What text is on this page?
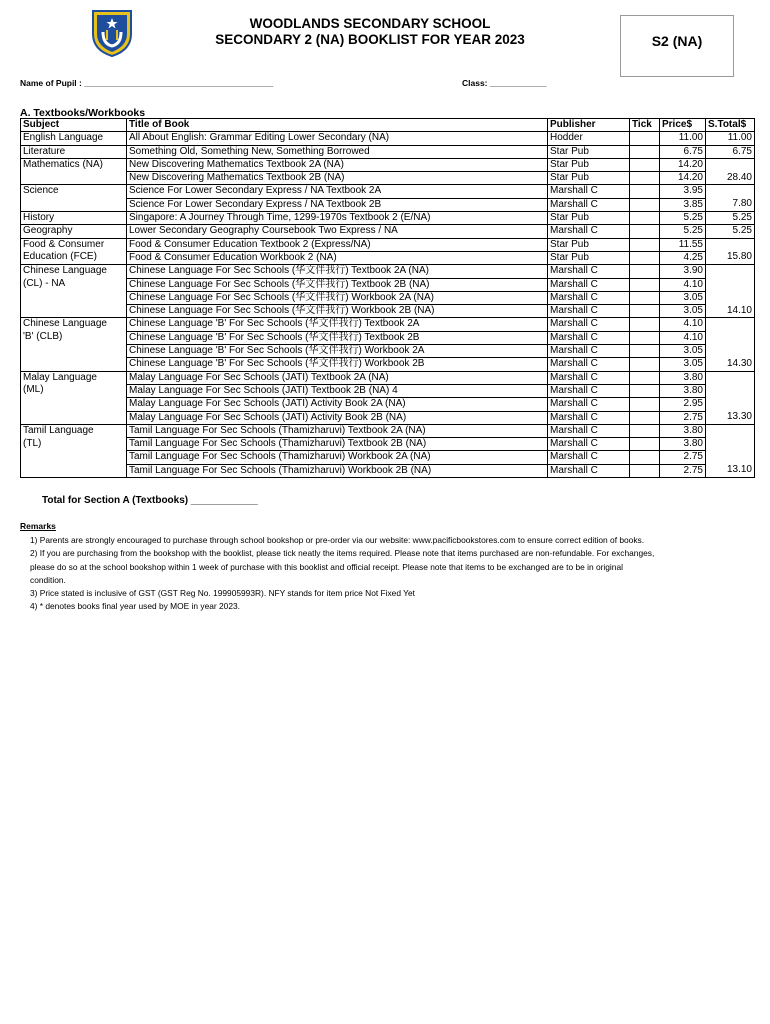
WOODLANDS SECONDARY SCHOOL
SECONDARY 2 (NA) BOOKLIST FOR YEAR 2023	S2 (NA)
Name of Pupil : ________________________________________	Class: ____________
A. Textbooks/Workbooks
Subject	Title of Book	Publisher	Tick	Price$	S.Total$
English Language	All About English: Grammar Editing Lower Secondary (NA)	Hodder		11.00	11.00
Literature	Something Old, Something New, Something Borrowed	Star Pub		6.75	6.75
Mathematics (NA)	New Discovering Mathematics Textbook 2A (NA)	Star Pub		14.20	
	New Discovering Mathematics Textbook 2B (NA)	Star Pub		14.20	28.40
Science	Science For Lower Secondary Express / NA Textbook 2A	Marshall C		3.95	
	Science For Lower Secondary Express / NA Textbook 2B	Marshall C		3.85	7.80
History	Singapore: A Journey Through Time, 1299-1970s Textbook 2 (E/NA)	Star Pub		5.25	5.25
Geography	Lower Secondary Geography Coursebook Two Express / NA	Marshall C		5.25	5.25
Food & Consumer	Food & Consumer Education Textbook 2 (Express/NA)	Star Pub		11.55	
Education (FCE)	Food & Consumer Education Workbook 2 (NA)	Star Pub		4.25	15.80
Chinese Language	Chinese Language For Sec Schools (华文伴我行) Textbook 2A (NA)	Marshall C		3.90	
(CL) - NA	Chinese Language For Sec Schools (华文伴我行) Textbook 2B (NA)	Marshall C		4.10	
	Chinese Language For Sec Schools (华文伴我行) Workbook 2A (NA)	Marshall C		3.05	
	Chinese Language For Sec Schools (华文伴我行) Workbook 2B (NA)	Marshall C		3.05	14.10
Chinese Language	Chinese Language 'B' For Sec Schools (华文伴我行) Textbook 2A	Marshall C		4.10	
'B' (CLB)	Chinese Language 'B' For Sec Schools (华文伴我行) Textbook 2B	Marshall C		4.10	
	Chinese Language 'B' For Sec Schools (华文伴我行) Workbook 2A	Marshall C		3.05	
	Chinese Language 'B' For Sec Schools (华文伴我行) Workbook 2B	Marshall C		3.05	14.30
Malay Language	Malay Language For Sec Schools (JATI) Textbook 2A (NA)	Marshall C		3.80	
(ML)	Malay Language For Sec Schools (JATI) Textbook 2B (NA) 4	Marshall C		3.80	
	Malay Language For Sec Schools (JATI) Activity Book 2A (NA)	Marshall C		2.95	
	Malay Language For Sec Schools (JATI) Activity Book 2B (NA)	Marshall C		2.75	13.30
Tamil Language	Tamil Language For Sec Schools (Thamizharuvi) Textbook 2A (NA)	Marshall C		3.80	
(TL)	Tamil Language For Sec Schools (Thamizharuvi) Textbook 2B (NA)	Marshall C		3.80	
	Tamil Language For Sec Schools (Thamizharuvi) Workbook 2A (NA)	Marshall C		2.75	
	Tamil Language For Sec Schools (Thamizharuvi) Workbook 2B (NA)	Marshall C		2.75	13.10
Total for Section A (Textbooks) ____________
Remarks
1) Parents are strongly encouraged to purchase through school bookshop or pre-order via our website: www.pacificbookstores.com to ensure correct edition of books.
2) If you are purchasing from the bookshop with the booklist, please tick neatly the items required. Please note that items purchased are non-refundable. For exchanges,
please do so at the school bookshop within 1 week of purchase with this booklist and official receipt. Please note that items to be exchanged are to be in original
condition.
3) Price stated is inclusive of GST (GST Reg No. 199905993R). NFY stands for item price Not Fixed Yet
4) * denotes books final year used by MOE in year 2023.
